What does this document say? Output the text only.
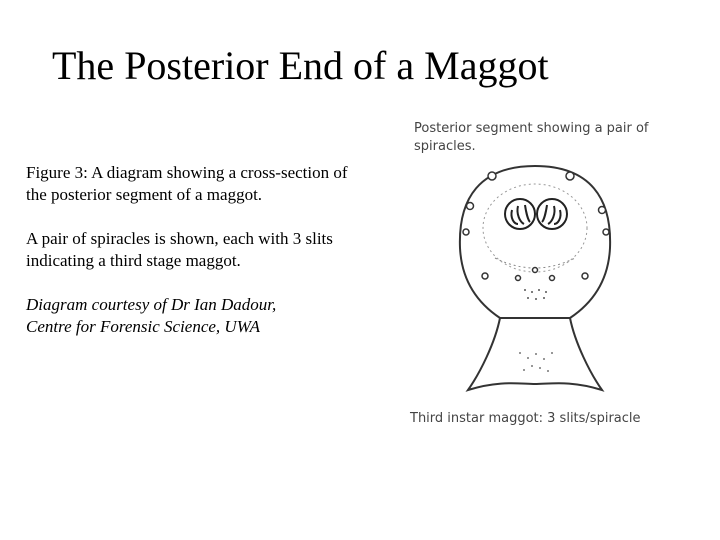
The Posterior End of a Maggot

Figure 3: A diagram showing a cross-section of the posterior segment of a maggot.

A pair of spiracles is shown, each with 3 slits indicating a third stage maggot.

Diagram courtesy of Dr Ian Dadour,
Centre for Forensic Science, UWA

Posterior segment showing a pair of spiracles.
Third instar maggot: 3 slits/spiracle
